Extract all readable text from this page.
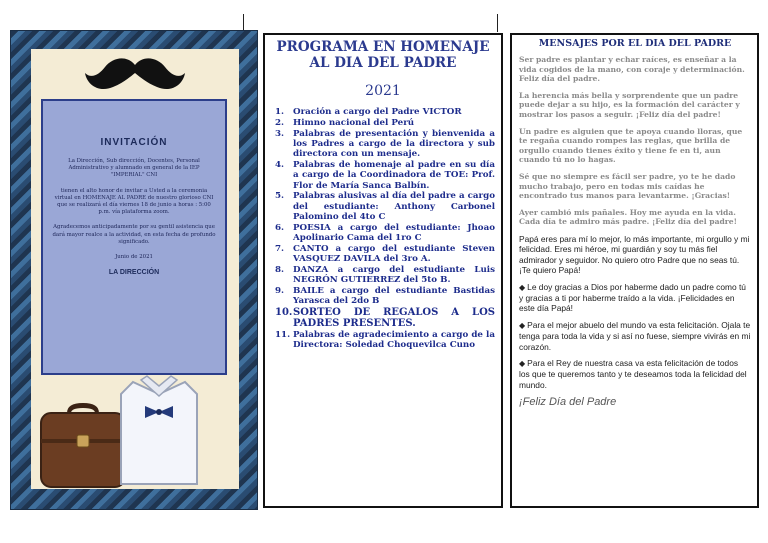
INVITACIÓN

La Dirección, Sub dirección, Docentes, Personal Administrativo y alumnado en general de la IEP "IMPERIAL" CNI

tienen el alto honor de invitar a Usted a la ceremonia virtual en HOMENAJE AL PADRE de nuestro glorioso CNI que se realizará el día viernes 18 de junio a horas : 5:00 p.m. vía plataforma zoom.

Agradecemos anticipadamente por su gentil asistencia que dará mayor realce a la actividad, en esta fecha de profundo significado.

Junio de 2021

LA DIRECCIÓN
PROGRAMA EN HOMENAJE AL DIA DEL PADRE
2021
1. Oración a cargo del Padre VICTOR
2. Himno nacional del Perú
3. Palabras de presentación y bienvenida a los Padres a cargo de la directora y sub directora con un mensaje.
4. Palabras de homenaje al padre en su día a cargo de la Coordinadora de TOE: Prof. Flor de María Sanca Balbín.
5. Palabras alusivas al día del padre a cargo del estudiante: Anthony Carbonel Palomino del 4to C
6. POESIA a cargo del estudiante: Jhoao Apolinario Cama del 1ro C
7. CANTO a cargo del estudiante Steven VASQUEZ DAVILA del 3ro A.
8. DANZA a cargo del estudiante Luis NEGRÓN GUTIERREZ del 5to B.
9. BAILE a cargo del estudiante Bastidas Yarasca del 2do B
10. SORTEO DE REGALOS A LOS PADRES PRESENTES.
11. Palabras de agradecimiento a cargo de la Directora: Soledad Choquevilca Cuno
MENSAJES POR EL DIA DEL PADRE

Ser padre es plantar y echar raíces, es enseñar a la vida cogidos de la mano, con coraje y determinación. Feliz día del padre.

La herencia más bella y sorprendente que un padre puede dejar a su hijo, es la formación del carácter y mostrar los pasos a seguir. ¡Feliz día del padre!

Un padre es alguien que te apoya cuando lloras, que te regaña cuando rompes las reglas, que brilla de orgullo cuando tienes éxito y tiene fe en ti, aun cuando tú no lo hagas.

Sé que no siempre es fácil ser padre, yo te he dado mucho trabajo, pero en todas mis caídas he encontrado tus manos para levantarme. ¡Gracias!

Ayer cambió mis pañales. Hoy me ayuda en la vida. Cada día te admiro más padre. ¡Feliz día del padre!

Papá eres para mí lo mejor, lo más importante, mi orgullo y mi felicidad. Eres mi héroe, mi guardián y soy tu más fiel admirador y seguidor. No quiero otro Padre que no seas tú. ¡Te quiero Papá!

◆ Le doy gracias a Dios por haberme dado un padre como tú y gracias a ti por haberme traído a la vida. ¡Felicidades en este día Papá!

◆ Para el mejor abuelo del mundo va esta felicitación. Ojala te tenga para toda la vida y si así no fuese, siempre vivirás en mi corazón.

◆ Para el Rey de nuestra casa va esta felicitación de todos los que te queremos tanto y te deseamos toda la felicidad del mundo.

¡Feliz Día del Padre
